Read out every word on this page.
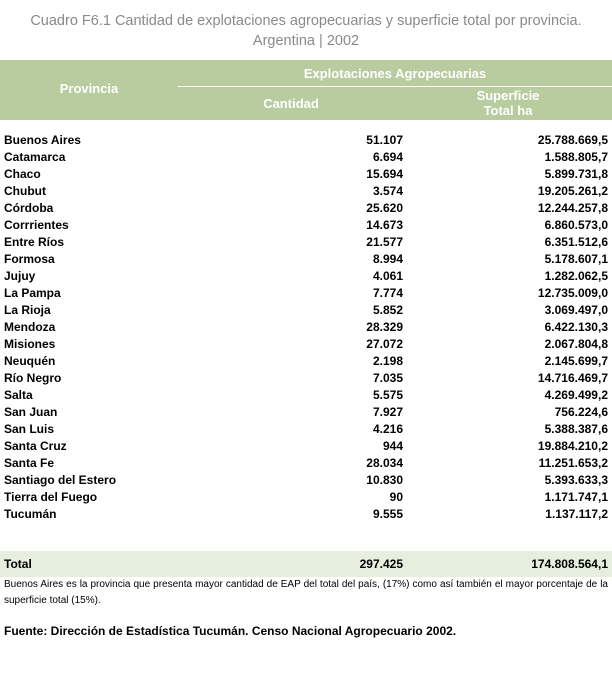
Cuadro F6.1 Cantidad de explotaciones agropecuarias y superficie total por provincia.
Argentina | 2002
Provincia
Explotaciones Agropecuarias
Cantidad
Superficie
Total ha
Buenos Aires	51.107	25.788.669,5
Catamarca	6.694	1.588.805,7
Chaco	15.694	5.899.731,8
Chubut	3.574	19.205.261,2
Córdoba	25.620	12.244.257,8
Corrrientes	14.673	6.860.573,0
Entre Ríos	21.577	6.351.512,6
Formosa	8.994	5.178.607,1
Jujuy	4.061	1.282.062,5
La Pampa	7.774	12.735.009,0
La Rioja	5.852	3.069.497,0
Mendoza	28.329	6.422.130,3
Misiones	27.072	2.067.804,8
Neuquén	2.198	2.145.699,7
Río Negro	7.035	14.716.469,7
Salta	5.575	4.269.499,2
San Juan	7.927	756.224,6
San Luis	4.216	5.388.387,6
Santa Cruz	944	19.884.210,2
Santa Fe	28.034	11.251.653,2
Santiago del Estero	10.830	5.393.633,3
Tierra del Fuego	90	1.171.747,1
Tucumán	9.555	1.137.117,2
Total	297.425	174.808.564,1
Buenos Aires es la provincia que presenta mayor cantidad de EAP del total del país, (17%) como así también el mayor porcentaje de la superficie total (15%).
Fuente: Dirección de Estadística Tucumán. Censo Nacional Agropecuario 2002.
